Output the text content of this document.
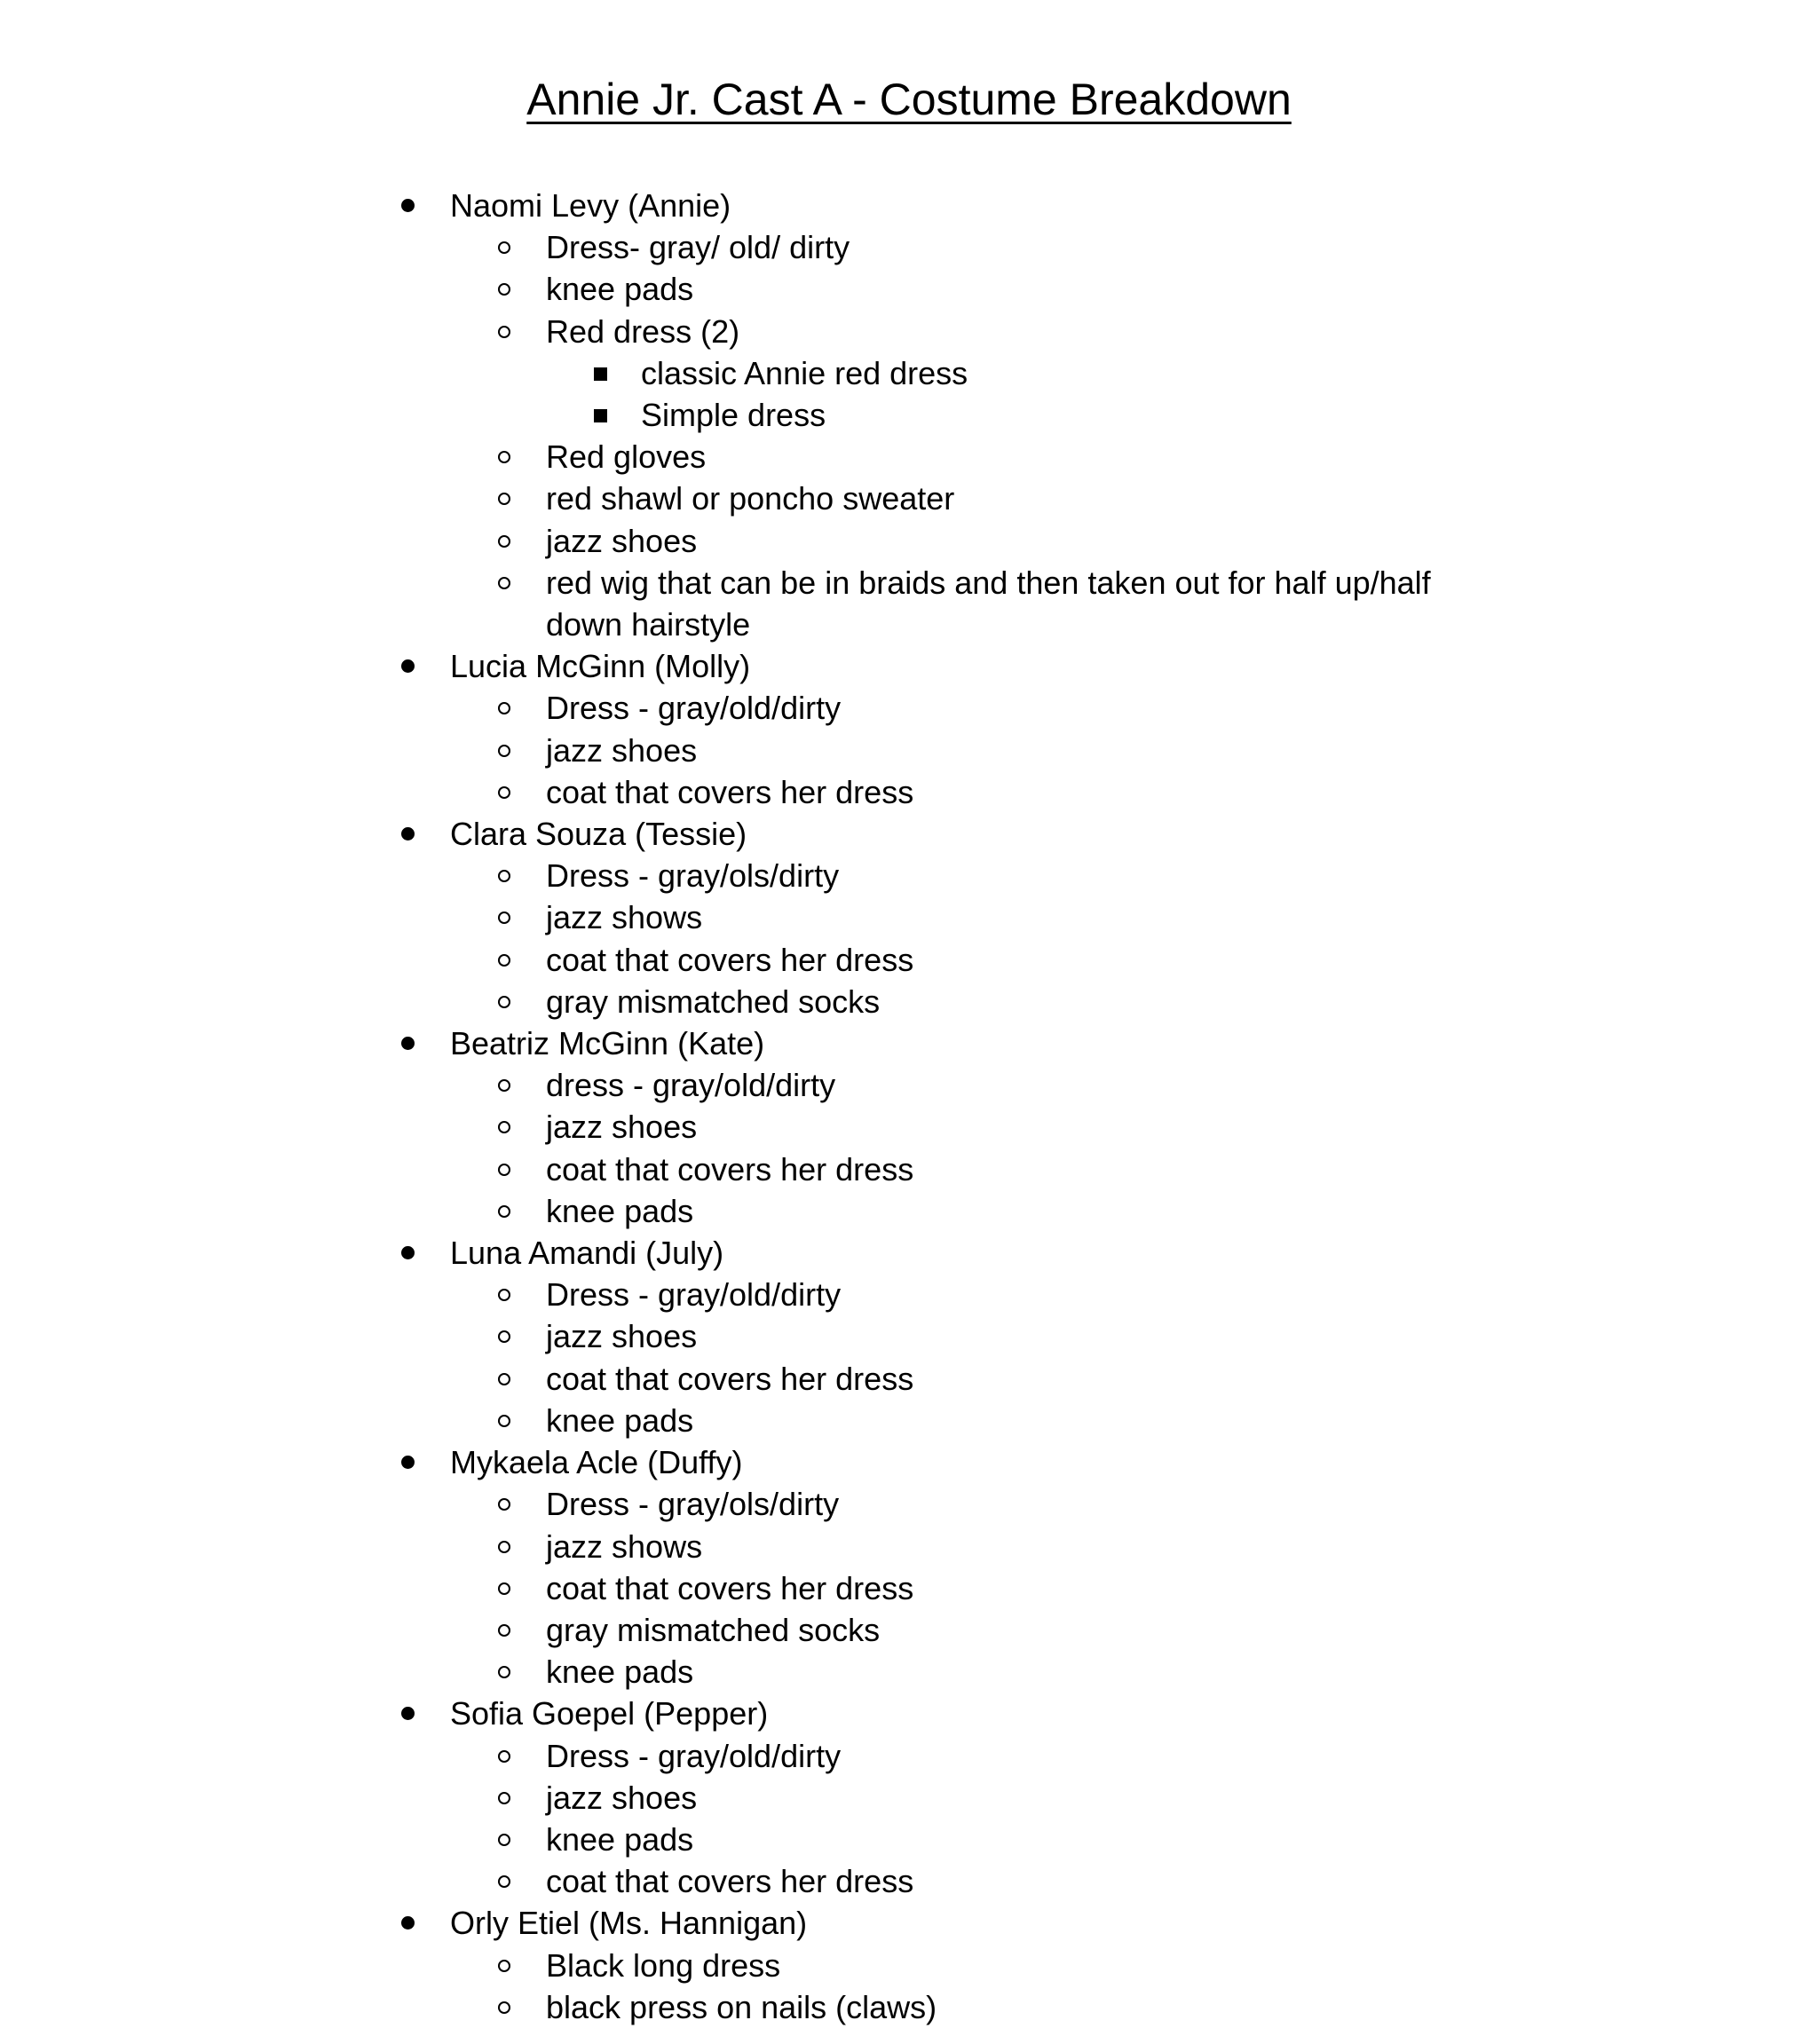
Annie Jr. Cast A - Costume Breakdown
Naomi Levy (Annie)
Dress- gray/ old/ dirty
knee pads
Red dress (2)
classic Annie red dress
Simple dress
Red gloves
red shawl or poncho sweater
jazz shoes
red wig that can be in braids and then taken out for half up/half down hairstyle
Lucia McGinn (Molly)
Dress - gray/old/dirty
jazz shoes
coat that covers her dress
Clara Souza (Tessie)
Dress - gray/ols/dirty
jazz shows
coat that covers her dress
gray mismatched socks
Beatriz McGinn (Kate)
dress - gray/old/dirty
jazz shoes
coat that covers her dress
knee pads
Luna Amandi (July)
Dress - gray/old/dirty
jazz shoes
coat that covers her dress
knee pads
Mykaela Acle (Duffy)
Dress - gray/ols/dirty
jazz shows
coat that covers her dress
gray mismatched socks
knee pads
Sofia Goepel (Pepper)
Dress - gray/old/dirty
jazz shoes
knee pads
coat that covers her dress
Orly Etiel (Ms. Hannigan)
Black long dress
black press on nails (claws)
